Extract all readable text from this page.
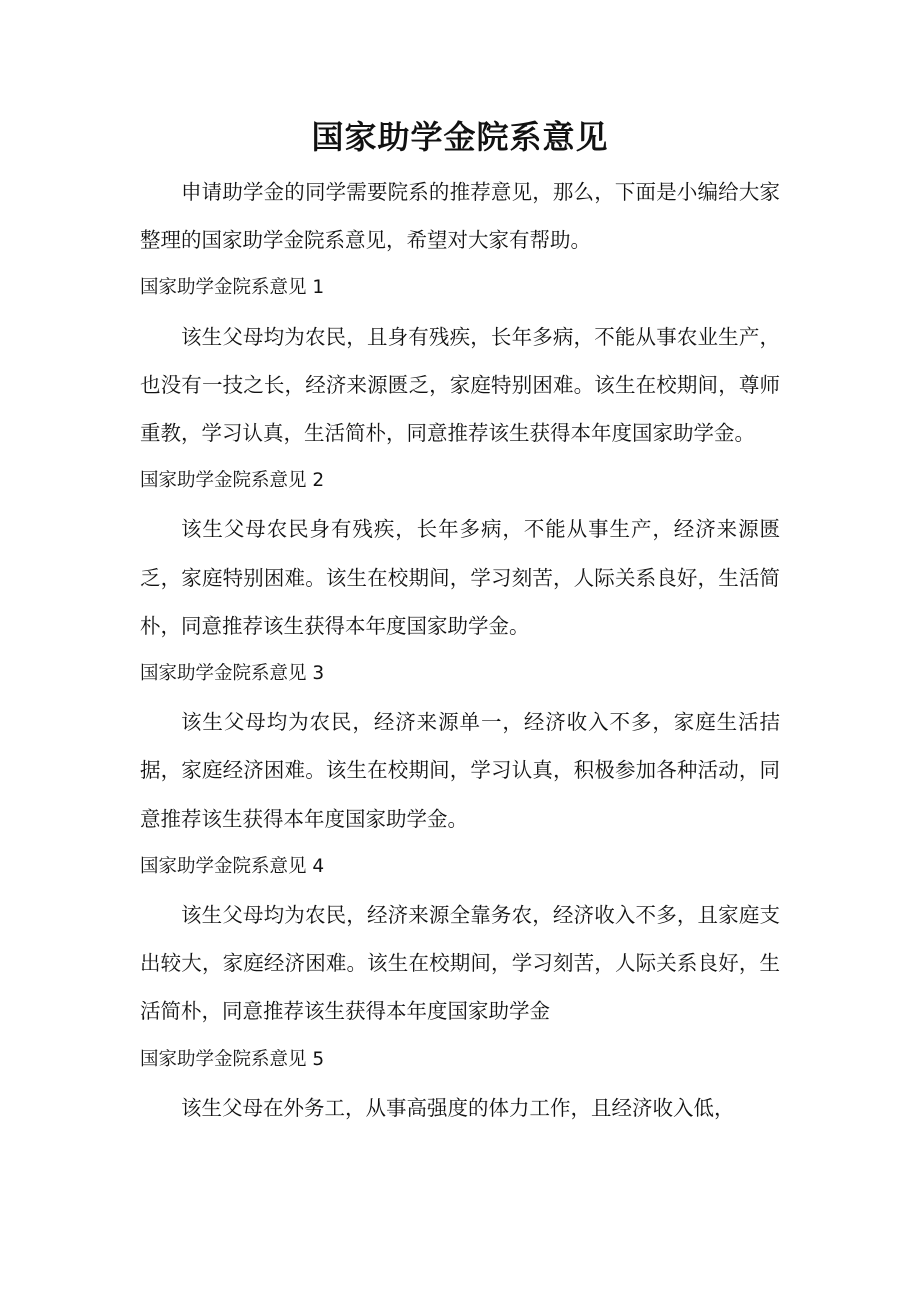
国家助学金院系意见

申请助学金的同学需要院系的推荐意见，那么，下面是小编给大家整理的国家助学金院系意见，希望对大家有帮助。

国家助学金院系意见 1

该生父母均为农民，且身有残疾，长年多病，不能从事农业生产，也没有一技之长，经济来源匮乏，家庭特别困难。该生在校期间，尊师重教，学习认真，生活简朴，同意推荐该生获得本年度国家助学金。

国家助学金院系意见 2

该生父母农民身有残疾，长年多病，不能从事生产，经济来源匮乏，家庭特别困难。该生在校期间，学习刻苦，人际关系良好，生活简朴，同意推荐该生获得本年度国家助学金。

国家助学金院系意见 3

该生父母均为农民，经济来源单一，经济收入不多，家庭生活拮据，家庭经济困难。该生在校期间，学习认真，积极参加各种活动，同意推荐该生获得本年度国家助学金。

国家助学金院系意见 4

该生父母均为农民，经济来源全靠务农，经济收入不多，且家庭支出较大，家庭经济困难。该生在校期间，学习刻苦，人际关系良好，生活简朴，同意推荐该生获得本年度国家助学金

国家助学金院系意见 5

该生父母在外务工，从事高强度的体力工作，且经济收入低，
